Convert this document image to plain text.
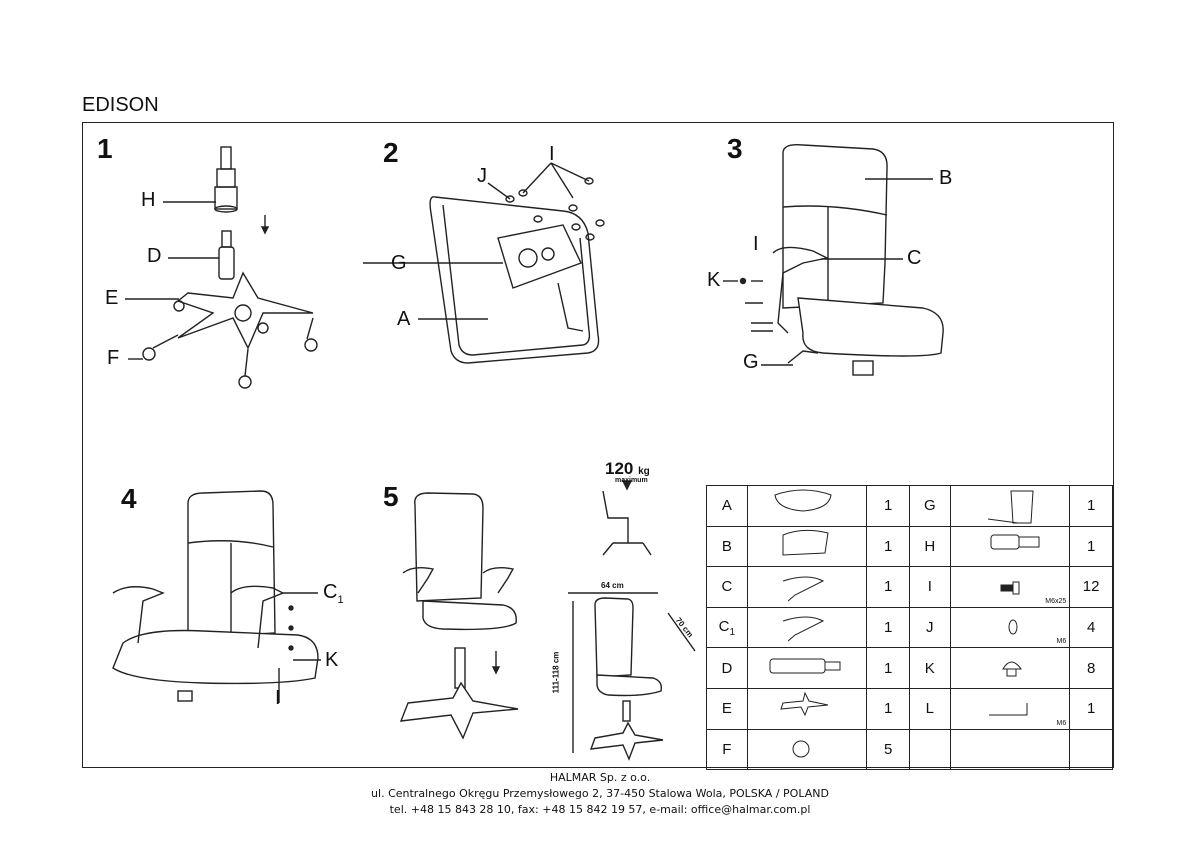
EDISON
1	2	3
4	5
H
D
E
F
J
I
G
A
B
I
C
K
G
$C_1$
K
I
120 kg
maximum
64 cm
70 cm
111-118 cm
A		1	G		1
B		1	H		1
C		1	I	M6x25	12
$C_1$		1	J	M6	4
D		1	K		8
E		1	L	M6	1
F		5			
HALMAR Sp. z o.o.
ul. Centralnego Okręgu Przemysłowego 2, 37-450 Stalowa Wola, POLSKA / POLAND
tel. +48 15 843 28 10, fax: +48 15 842 19 57, e-mail: office@halmar.com.pl
